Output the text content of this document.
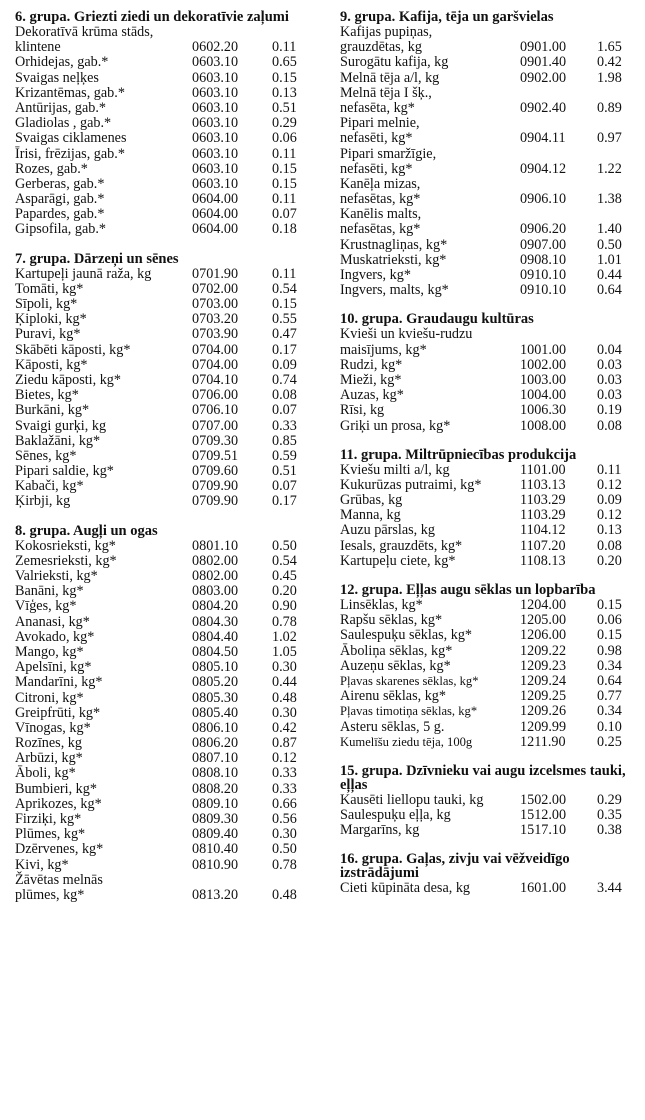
6. grupa. Griezti ziedi un dekoratīvie zaļumi
Dekoratīvā krūma stāds,
klintene	0602.20 0.11
Orhidejas, gab.*	0603.10 0.65
Svaigas neļķes	0603.10 0.15
Krizantēmas, gab.*	0603.10 0.13
Antūrijas, gab.*	0603.10 0.51
Gladiolas , gab.*	0603.10 0.29
Svaigas ciklamenes	0603.10 0.06
Īrisi, frēzijas, gab.*	0603.10 0.11
Rozes, gab.*	0603.10 0.15
Gerberas, gab.*	0603.10 0.15
Asparāgi, gab.*	0604.00 0.11
Papardes, gab.*	0604.00 0.07
Gipsofila, gab.*	0604.00 0.18
7. grupa. Dārzeņi un sēnes
Kartupeļi jaunā raža, kg	0701.90 0.11
Tomāti, kg*	0702.00 0.54
Sīpoli, kg*	0703.00 0.15
Ķiploki, kg*	0703.20 0.55
Puravi, kg*	0703.90 0.47
Skābēti kāposti, kg*	0704.00 0.17
Kāposti, kg*	0704.00 0.09
Ziedu kāposti, kg*	0704.10 0.74
Bietes, kg*	0706.00 0.08
Burkāni, kg*	0706.10 0.07
Svaigi gurķi, kg	0707.00 0.33
Baklažāni, kg*	0709.30 0.85
Sēnes, kg*	0709.51 0.59
Pipari saldie, kg*	0709.60 0.51
Kabači, kg*	0709.90 0.07
Ķirbji, kg	0709.90 0.17
8. grupa. Augļi un ogas
Kokosrieksti, kg*	0801.10 0.50
Zemesrieksti, kg*	0802.00 0.54
Valrieksti, kg*	0802.00 0.45
Banāni, kg*	0803.00 0.20
Vīģes, kg*	0804.20 0.90
Ananasi, kg*	0804.30 0.78
Avokado, kg*	0804.40 1.02
Mango, kg*	0804.50 1.05
Apelsīni, kg*	0805.10 0.30
Mandarīni, kg*	0805.20 0.44
Citroni, kg*	0805.30 0.48
Greipfrūti, kg*	0805.40 0.30
Vīnogas, kg*	0806.10 0.42
Rozīnes, kg	0806.20 0.87
Arbūzi, kg*	0807.10 0.12
Āboli, kg*	0808.10 0.33
Bumbieri, kg*	0808.20 0.33
Aprikozes, kg*	0809.10 0.66
Firziķi, kg*	0809.30 0.56
Plūmes, kg*	0809.40 0.30
Dzērvenes, kg*	0810.40 0.50
Kivi, kg*	0810.90 0.78
Žāvētas melnās
plūmes, kg*	0813.20 0.48
9. grupa. Kafija, tēja un garšvielas
Kafijas pupiņas,
grauzdētas, kg	0901.00 1.65
Surogātu kafija, kg	0901.40 0.42
Melnā tēja a/l, kg	0902.00 1.98
Melnā tēja I šķ.,
nefasēta, kg*	0902.40 0.89
Pipari melnie,
nefasēti, kg*	0904.11 0.97
Pipari smaržīgie,
nefasēti, kg*	0904.12 1.22
Kanēļa mizas,
nefasētas, kg*	0906.10 1.38
Kanēlis malts,
nefasētas, kg*	0906.20 1.40
Krustnagliņas, kg*	0907.00 0.50
Muskatrieksti, kg*	0908.10 1.01
Ingvers, kg*	0910.10 0.44
Ingvers, malts, kg*	0910.10 0.64
10. grupa. Graudaugu kultūras
Kvieši un kviešu-rudzu
maisījums, kg*	1001.00 0.04
Rudzi, kg*	1002.00 0.03
Mieži, kg*	1003.00 0.03
Auzas, kg*	1004.00 0.03
Rīsi, kg	1006.30 0.19
Griķi un prosa, kg*	1008.00 0.08
11. grupa. Miltrūpniecības produkcija
Kviešu milti a/l, kg	1101.00 0.11
Kukurūzas putraimi, kg*	1103.13 0.12
Grūbas, kg	1103.29 0.09
Manna, kg	1103.29 0.12
Auzu pārslas, kg	1104.12 0.13
Iesals, grauzdēts, kg*	1107.20 0.08
Kartupeļu ciete, kg*	1108.13 0.20
12. grupa. Eļļas augu sēklas un lopbarība
Linsēklas, kg*	1204.00 0.15
Rapšu sēklas, kg*	1205.00 0.06
Saulespuķu sēklas, kg*	1206.00 0.15
Āboliņa sēklas, kg*	1209.22 0.98
Auzeņu sēklas, kg*	1209.23 0.34
Pļavas skarenes sēklas, kg*	1209.24 0.64
Airenu sēklas, kg*	1209.25 0.77
Pļavas timotiņa sēklas, kg*	1209.26 0.34
Asteru sēklas, 5 g.	1209.99 0.10
Kumelīšu ziedu tēja, 100g	1211.90 0.25
15. grupa. Dzīvnieku vai augu izcelsmes tauki, eļļas
Kausēti liellopu tauki, kg	1502.00 0.29
Saulespuķu eļļa, kg	1512.00 0.35
Margarīns, kg	1517.10 0.38
16. grupa. Gaļas, zivju vai vēžveidīgo izstrādājumi
Cieti kūpināta desa, kg	1601.00 3.44
